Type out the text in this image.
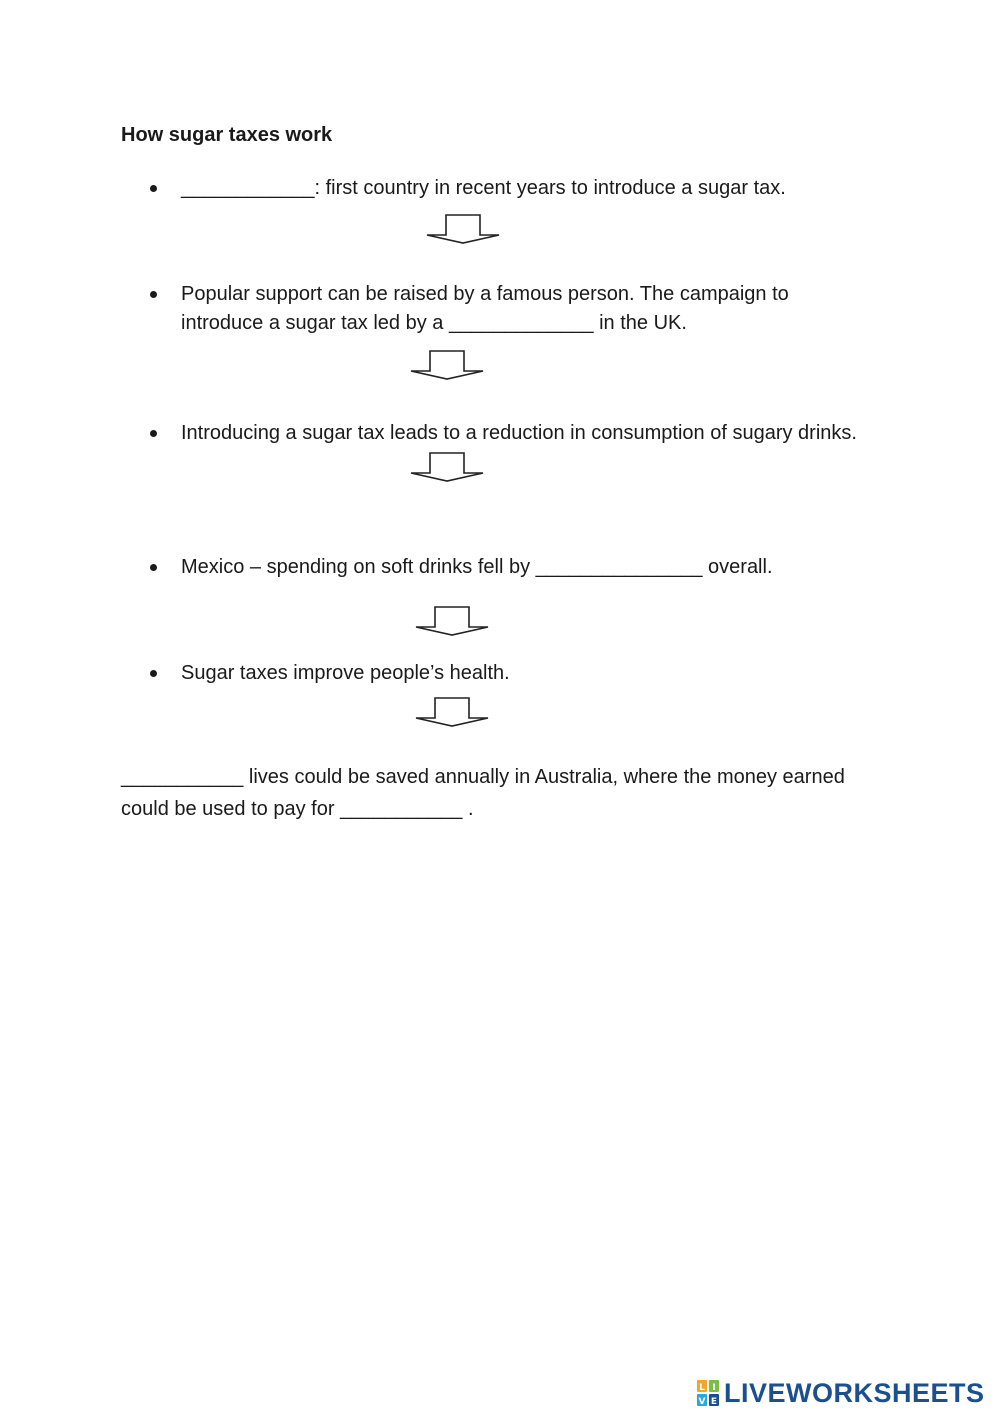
How sugar taxes work
____________: first country in recent years to introduce a sugar tax.
Popular support can be raised by a famous person. The campaign to introduce a sugar tax led by a _____________ in the UK.
Introducing a sugar tax leads to a reduction in consumption of sugary drinks.
Mexico – spending on soft drinks fell by _______________ overall.
Sugar taxes improve people’s health.
___________ lives could be saved annually in Australia, where the money earned could be used to pay for ___________ .
L I
V E LIVEWORKSHEETS
